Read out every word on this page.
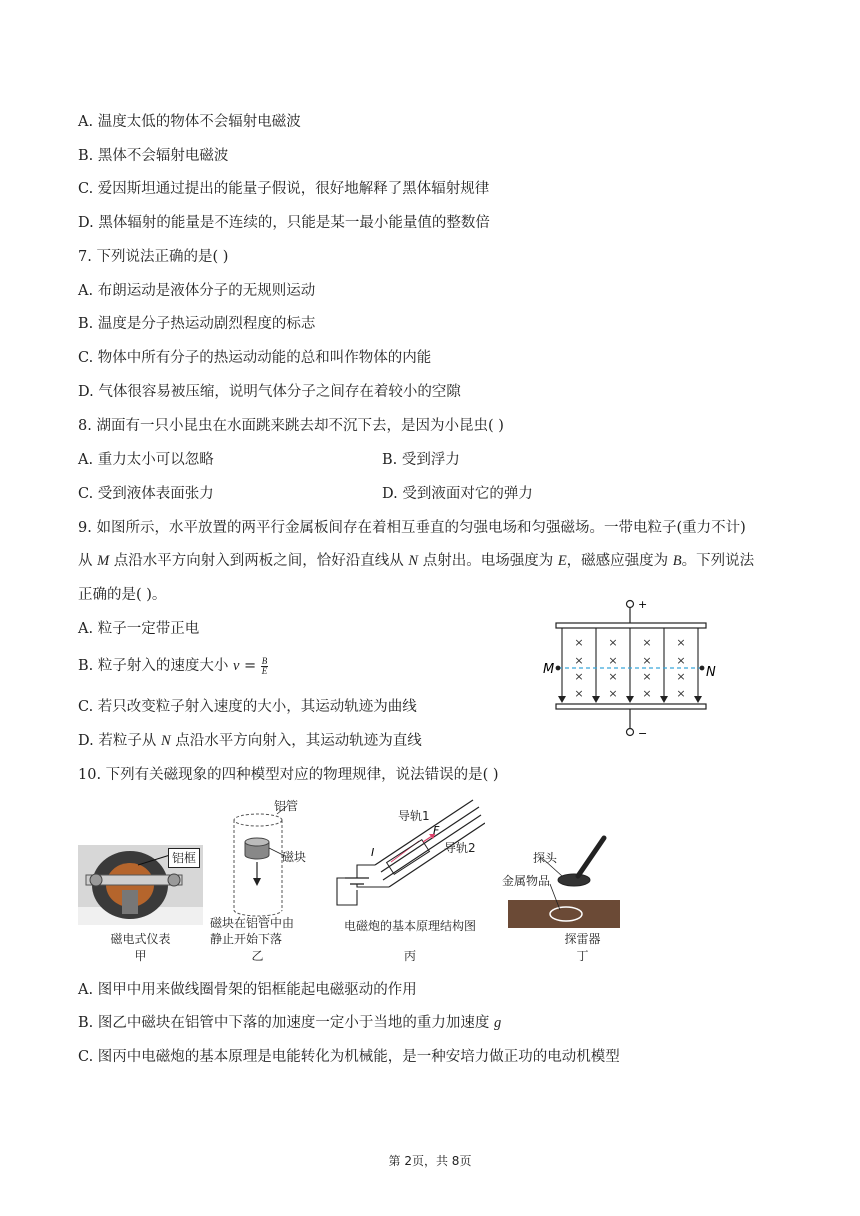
A. 温度太低的物体不会辐射电磁波
B. 黑体不会辐射电磁波
C. 爱因斯坦通过提出的能量子假说，很好地解释了黑体辐射规律
D. 黑体辐射的能量是不连续的，只能是某一最小能量值的整数倍
7. 下列说法正确的是( )
A. 布朗运动是液体分子的无规则运动
B. 温度是分子热运动剧烈程度的标志
C. 物体中所有分子的热运动动能的总和叫作物体的内能
D. 气体很容易被压缩，说明气体分子之间存在着较小的空隙
8. 湖面有一只小昆虫在水面跳来跳去却不沉下去，是因为小昆虫( )
A. 重力太小可以忽略	B. 受到浮力
C. 受到液体表面张力	D. 受到液面对它的弹力
9. 如图所示，水平放置的两平行金属板间存在着相互垂直的匀强电场和匀强磁场。一带电粒子(重力不计)
从 M 点沿水平方向射入到两板之间，恰好沿直线从 N 点射出。电场强度为 E，磁感应强度为 B。下列说法
正确的是( )。
A. 粒子一定带正电
B. 粒子射入的速度大小 $v = \frac{B}{E}$
C. 若只改变粒子射入速度的大小，其运动轨迹为曲线
D. 若粒子从 N 点沿水平方向射入，其运动轨迹为直线
+
M	N
× × × ×
× × × ×
× × × ×
× × × ×
−
10. 下列有关磁现象的四种模型对应的物理规律，说法错误的是( )
铝框
磁电式仪表
甲
铝管
磁块
磁块在铝管中由
静止开始下落
乙
F
I
导轨1
导轨2
电磁炮的基本原理结构图
丙
探头
金属物品
探雷器
丁
A. 图甲中用来做线圈骨架的铝框能起电磁驱动的作用
B. 图乙中磁块在铝管中下落的加速度一定小于当地的重力加速度 g
C. 图丙中电磁炮的基本原理是电能转化为机械能，是一种安培力做正功的电动机模型
第 2页，共 8页
